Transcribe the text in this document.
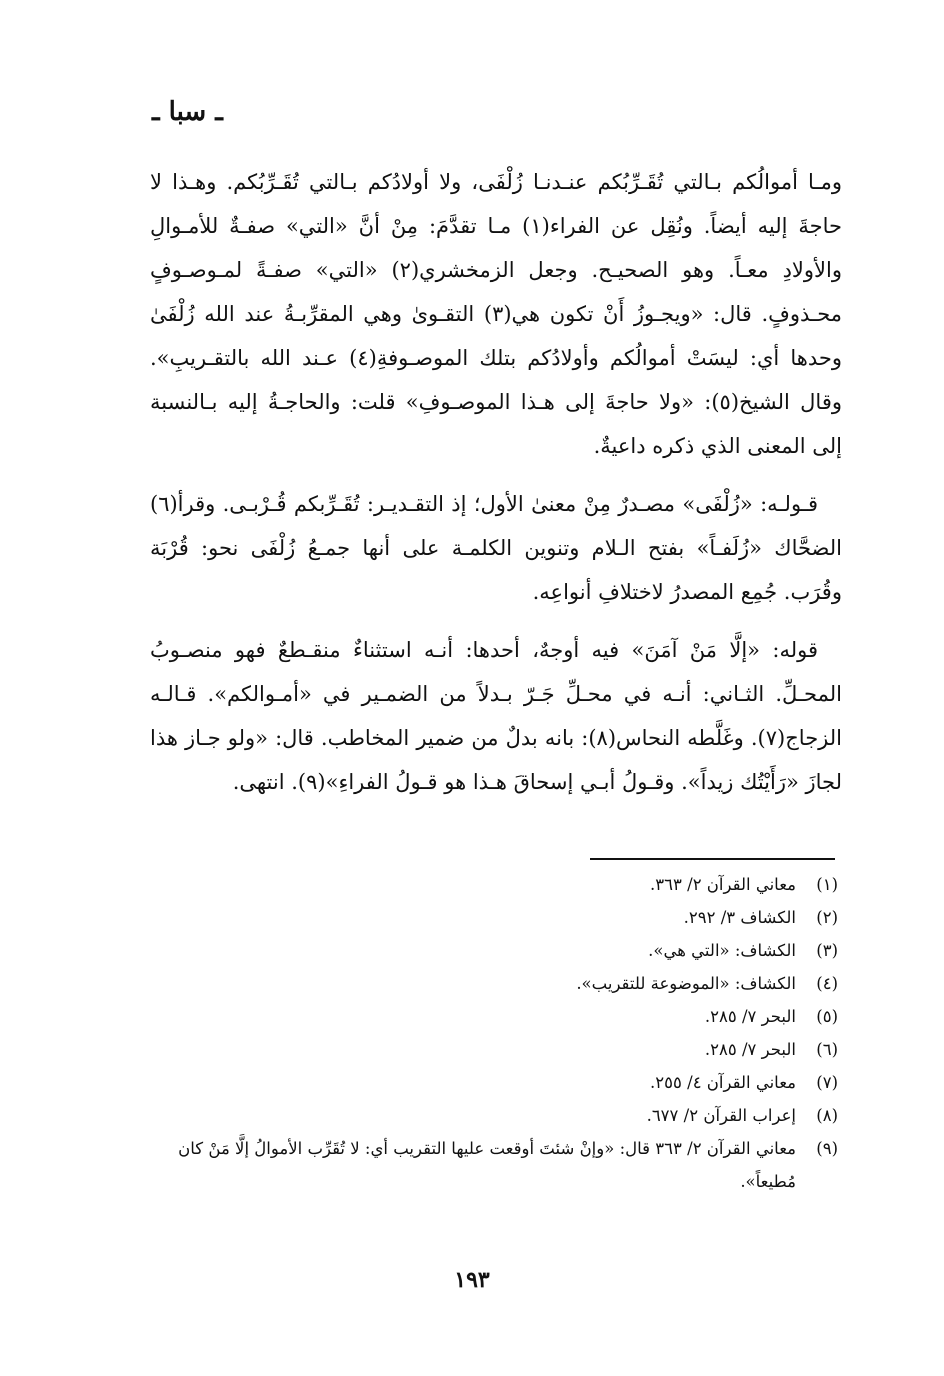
ـ سبا ـ

ومـا أموالُكم بـالتي تُقَـرِّبُكم عنـدنـا زُلْفَى، ولا أولادُكم بـالتي تُقَـرِّبُكم. وهـذا لا حاجةَ إليه أيضاً. ونُقِل عن الفراء(١) مـا تقدَّمَ: مِنْ أنَّ «التي» صفـةٌ للأمـوالِ والأولادِ معـاً. وهو الصحيـح. وجعل الزمخشري(٢) «التي» صفـةً لمـوصـوفٍ محـذوفٍ. قال: «ويجـوزُ أَنْ تكون هي(٣) التقـوىٰ وهي المقرِّبـةُ عند الله زُلْفَىٰ وحدها أي: ليسَتْ أموالُكم وأولادُكم بتلك الموصـوفةِ(٤) عـند الله بالتقـريبِ». وقال الشيخ(٥): «ولا حاجةَ إلى هـذا الموصـوفِ» قلت: والحاجـةُ إليه بـالنسبة إلى المعنى الذي ذكره داعيةٌ.

قـولـه: «زُلْفَى» مصـدرٌ مِنْ معنىٰ الأول؛ إذ التقـديـر: تُقَـرِّبكم قُـرْبـى. وقرأ(٦) الضحَّاك «زُلَفـاً» بفتح الـلام وتنوين الكلمـة على أنها جمـعُ زُلْفَى نحو: قُرْبَة وقُرَب. جُمِع المصدرُ لاختلافِ أنواعِه.

قوله: «إلَّا مَنْ آمَنَ» فيه أوجهٌ، أحدها: أنـه استثناءٌ منقـطعٌ فهو منصـوبُ المحـلِّ. الثـاني: أنـه في محـلِّ جَـرّ بـدلاً من الضمـير في «أمـوالكم». قـالـه الزجاج(٧). وغَلَّطه النحاس(٨): بانه بدلٌ من ضمير المخاطب. قال: «ولو جـاز هذا لجازَ «رَأَيْتُك زيداً». وقـولُ أبـي إسحاقَ هـذا هو قـولُ الفراءِ»(٩). انتهى.

(١)
معاني القرآن ٢/ ٣٦٣.
(٢)
الكشاف ٣/ ٢٩٢.
(٣)
الكشاف: «التي هي».
(٤)
الكشاف: «الموضوعة للتقريب».
(٥)
البحر ٧/ ٢٨٥.
(٦)
البحر ٧/ ٢٨٥.
(٧)
معاني القرآن ٤/ ٢٥٥.
(٨)
إعراب القرآن ٢/ ٦٧٧.
(٩)
معاني القرآن ٢/ ٣٦٣ قال: «وإنْ شئتَ أوقعت عليها التقريب أي: لا تُقَرِّب الأموالُ إلَّا مَنْ كان مُطيعاً».
١٩٣
